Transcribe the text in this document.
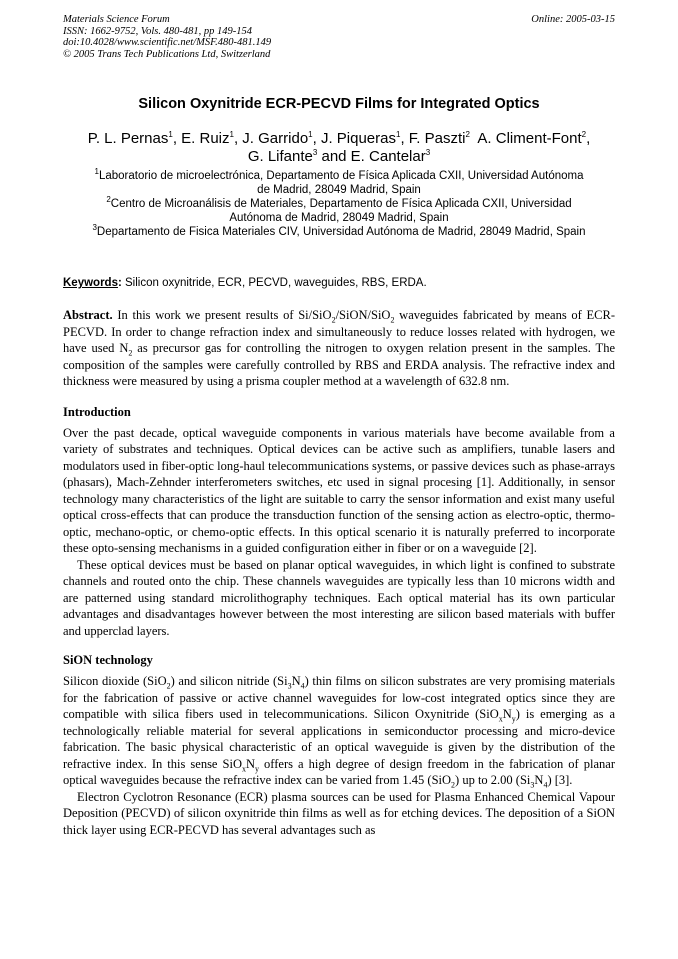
Materials Science Forum
ISSN: 1662-9752, Vols. 480-481, pp 149-154
doi:10.4028/www.scientific.net/MSF.480-481.149
© 2005 Trans Tech Publications Ltd, Switzerland
Online: 2005-03-15
Silicon Oxynitride ECR-PECVD Films for Integrated Optics
P. L. Pernas$^1$, E. Ruiz$^1$, J. Garrido$^1$, J. Piqueras$^1$, F. Paszti$^2$  A. Climent-Font$^2$,
G. Lifante$^3$ and E. Cantelar$^3$

$^1$Laboratorio de microelectrónica, Departamento de Física Aplicada CXII, Universidad Autónoma

de Madrid, 28049 Madrid, Spain

$^2$Centro de Microanálisis de Materiales, Departamento de Física Aplicada CXII, Universidad

Autónoma de Madrid, 28049 Madrid, Spain

$^3$Departamento de Fisica Materiales CIV, Universidad Autónoma de Madrid, 28049 Madrid, Spain

Keywords: Silicon oxynitride, ECR, PECVD, waveguides, RBS, ERDA.
Abstract. In this work we present results of Si/SiO$_2$/SiON/SiO$_2$ waveguides fabricated by means of ECR-PECVD. In order to change refraction index and simultaneously to reduce losses related with hydrogen, we have used $N_2$ as precursor gas for controlling the nitrogen to oxygen relation present in the samples. The composition of the samples were carefully controlled by RBS and ERDA analysis. The refractive index and thickness were measured by using a prisma coupler method at a wavelength of 632.8 nm.
Introduction

Over the past decade, optical waveguide components in various materials have become available from a variety of substrates and techniques. Optical devices can be active such as amplifiers, tunable lasers and modulators used in fiber-optic long-haul telecommunications systems, or passive devices such as phase-arrays (phasars), Mach-Zehnder interferometers switches, etc used in signal procesing [1]. Additionally, in sensor technology many characteristics of the light are suitable to carry the sensor information and exist many useful optical cross-effects that can produce the transduction function of the sensing action as electro-optic, thermo-optic, mechano-optic, or chemo-optic effects. In this optical scenario it is naturally preferred to incorporate these opto-sensing mechanisms in a guided configuration either in fiber or on a waveguide [2].

These optical devices must be based on planar optical waveguides, in which light is confined to substrate channels and routed onto the chip. These channels waveguides are typically less than 10 microns width and are patterned using standard microlithography techniques. Each optical material has its own particular advantages and disadvantages however between the most interesting are silicon based materials with buffer and upperclad layers.

SiON technology

Silicon dioxide (SiO$_2$) and silicon nitride $(Si_3N_4)$ thin films on silicon substrates are very promising materials for the fabrication of passive or active channel waveguides for low-cost integrated optics since they are compatible with silica fibers used in telecommunications. Silicon Oxynitride $(SiO_xN_y)$ is emerging as a technologically reliable material for several applications in semiconductor processing and micro-device fabrication. The basic physical characteristic of an optical waveguide is given by the distribution of the refractive index. In this sense $SiO_xN_y$ offers a high degree of design freedom in the fabrication of planar optical waveguides because the refractive index can be varied from 1.45 (SiO$_2$) up to 2.00 $(Si_3N_4)$ [3].

Electron Cyclotron Resonance (ECR) plasma sources can be used for Plasma Enhanced Chemical Vapour Deposition (PECVD) of silicon oxynitride thin films as well as for etching devices. The deposition of a SiON thick layer using ECR-PECVD has several advantages such as
